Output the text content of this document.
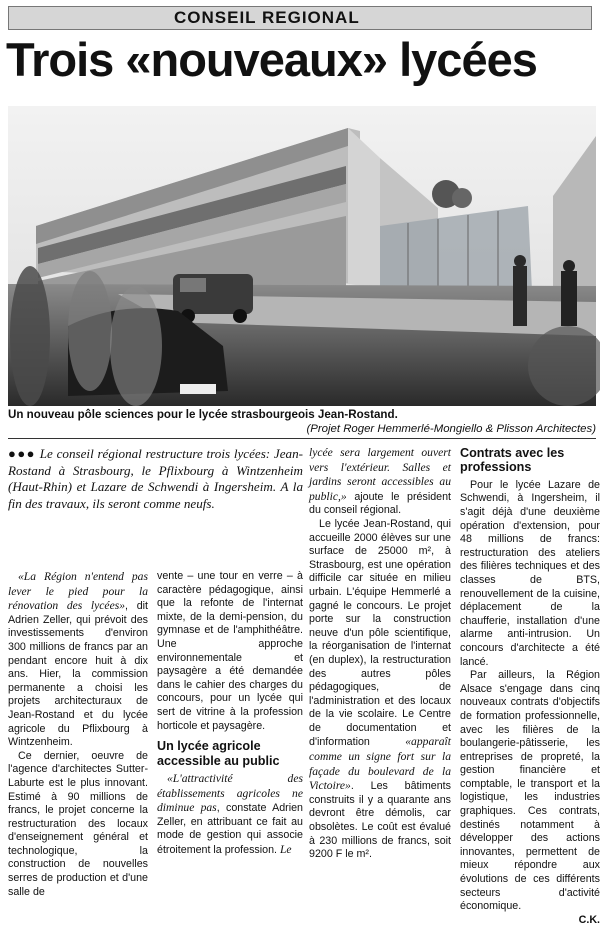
CONSEIL REGIONAL
Trois «nouveaux» lycées
Un nouveau pôle sciences pour le lycée strasbourgeois Jean-Rostand.
(Projet Roger Hemmerlé-Mongiello & Plisson Architectes)
●●● Le conseil régional restructure trois lycées: Jean-Rostand à Strasbourg, le Pflixbourg à Wintzenheim (Haut-Rhin) et Lazare de Schwendi à Ingersheim. A la fin des travaux, ils seront comme neufs.

«La Région n'entend pas lever le pied pour la rénovation des lycées», dit Adrien Zeller, qui prévoit des investissements d'environ 300 millions de francs par an pendant encore huit à dix ans. Hier, la commission permanente a choisi les projets architecturaux de Jean-Rostand et du lycée agricole du Pflixbourg à Wintzenheim.

Ce dernier, oeuvre de l'agence d'architectes Sutter-Laburte est le plus innovant. Estimé à 90 millions de francs, le projet concerne la restructuration des locaux d'enseignement général et technologique, la construction de nouvelles serres de production et d'une salle de

vente – une tour en verre – à caractère pédagogique, ainsi que la refonte de l'internat mixte, de la demi-pension, du gymnase et de l'amphithéâtre. Une approche environnementale et paysagère a été demandée dans le cahier des charges du concours, pour un lycée qui sert de vitrine à la profession horticole et paysagère.

Un lycée agricole accessible au public

«L'attractivité des établissements agricoles ne diminue pas, constate Adrien Zeller, en attribuant ce fait au mode de gestion qui associe étroitement la profession. Le

lycée sera largement ouvert vers l'extérieur. Salles et jardins seront accessibles au public,» ajoute le président du conseil régional.

Le lycée Jean-Rostand, qui accueille 2000 élèves sur une surface de 25000 m², à Strasbourg, est une opération difficile car située en milieu urbain. L'équipe Hemmerlé a gagné le concours. Le projet porte sur la construction neuve d'un pôle scientifique, la réorganisation de l'internat (en duplex), la restructuration des autres pôles pédagogiques, de l'administration et des locaux de la vie scolaire. Le Centre de documentation et d'information «apparaît comme un signe fort sur la façade du boulevard de la Victoire». Les bâtiments construits il y a quarante ans devront être démolis, car obsolètes. Le coût est évalué à 230 millions de francs, soit 9200 F le m².

Contrats avec les professions

Pour le lycée Lazare de Schwendi, à Ingersheim, il s'agit déjà d'une deuxième opération d'extension, pour 48 millions de francs: restructuration des ateliers des filières techniques et des classes de BTS, renouvellement de la cuisine, déplacement de la chaufferie, installation d'une alarme anti-intrusion. Un concours d'architecte a été lancé.

Par ailleurs, la Région Alsace s'engage dans cinq nouveaux contrats d'objectifs de formation professionnelle, avec les filières de la boulangerie-pâtisserie, les entreprises de propreté, la gestion financière et comptable, le transport et la logistique, les industries graphiques. Ces contrats, destinés notamment à développer des actions innovantes, permettent de mieux répondre aux évolutions de ces différents secteurs d'activité économique.

C.K.
